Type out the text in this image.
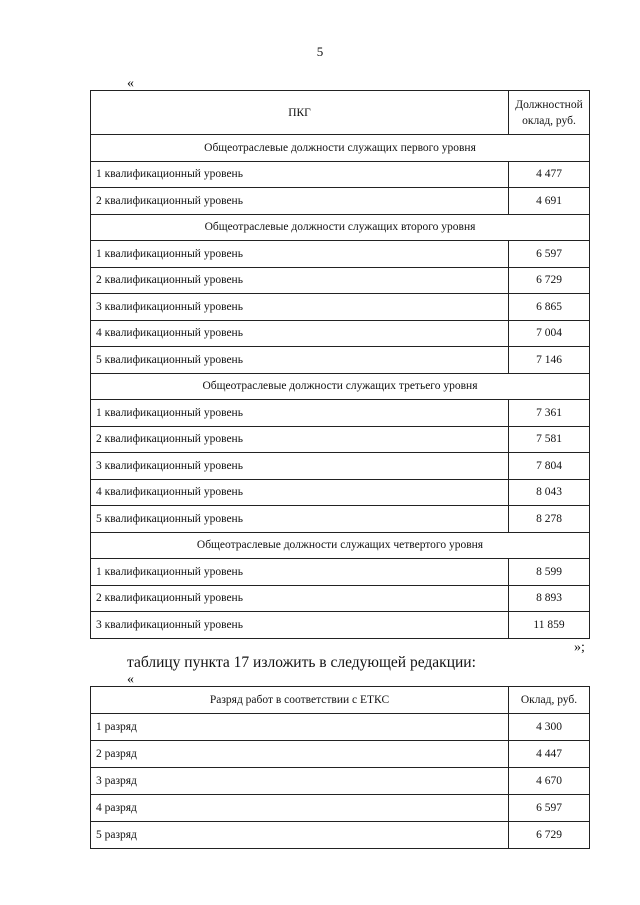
5
«
ПКГ	Должностной оклад, руб.
Общеотраслевые должности служащих первого уровня	
1 квалификационный уровень	4 477
2 квалификационный уровень	4 691
Общеотраслевые должности служащих второго уровня	
1 квалификационный уровень	6 597
2 квалификационный уровень	6 729
3 квалификационный уровень	6 865
4 квалификационный уровень	7 004
5 квалификационный уровень	7 146
Общеотраслевые должности служащих третьего уровня	
1 квалификационный уровень	7 361
2 квалификационный уровень	7 581
3 квалификационный уровень	7 804
4 квалификационный уровень	8 043
5 квалификационный уровень	8 278
Общеотраслевые должности служащих четвертого уровня	
1 квалификационный уровень	8 599
2 квалификационный уровень	8 893
3 квалификационный уровень	11 859
»;
таблицу пункта 17 изложить в следующей редакции:
«
Разряд работ в соответствии с ЕТКС	Оклад, руб.
1 разряд	4 300
2 разряд	4 447
3 разряд	4 670
4 разряд	6 597
5 разряд	6 729
